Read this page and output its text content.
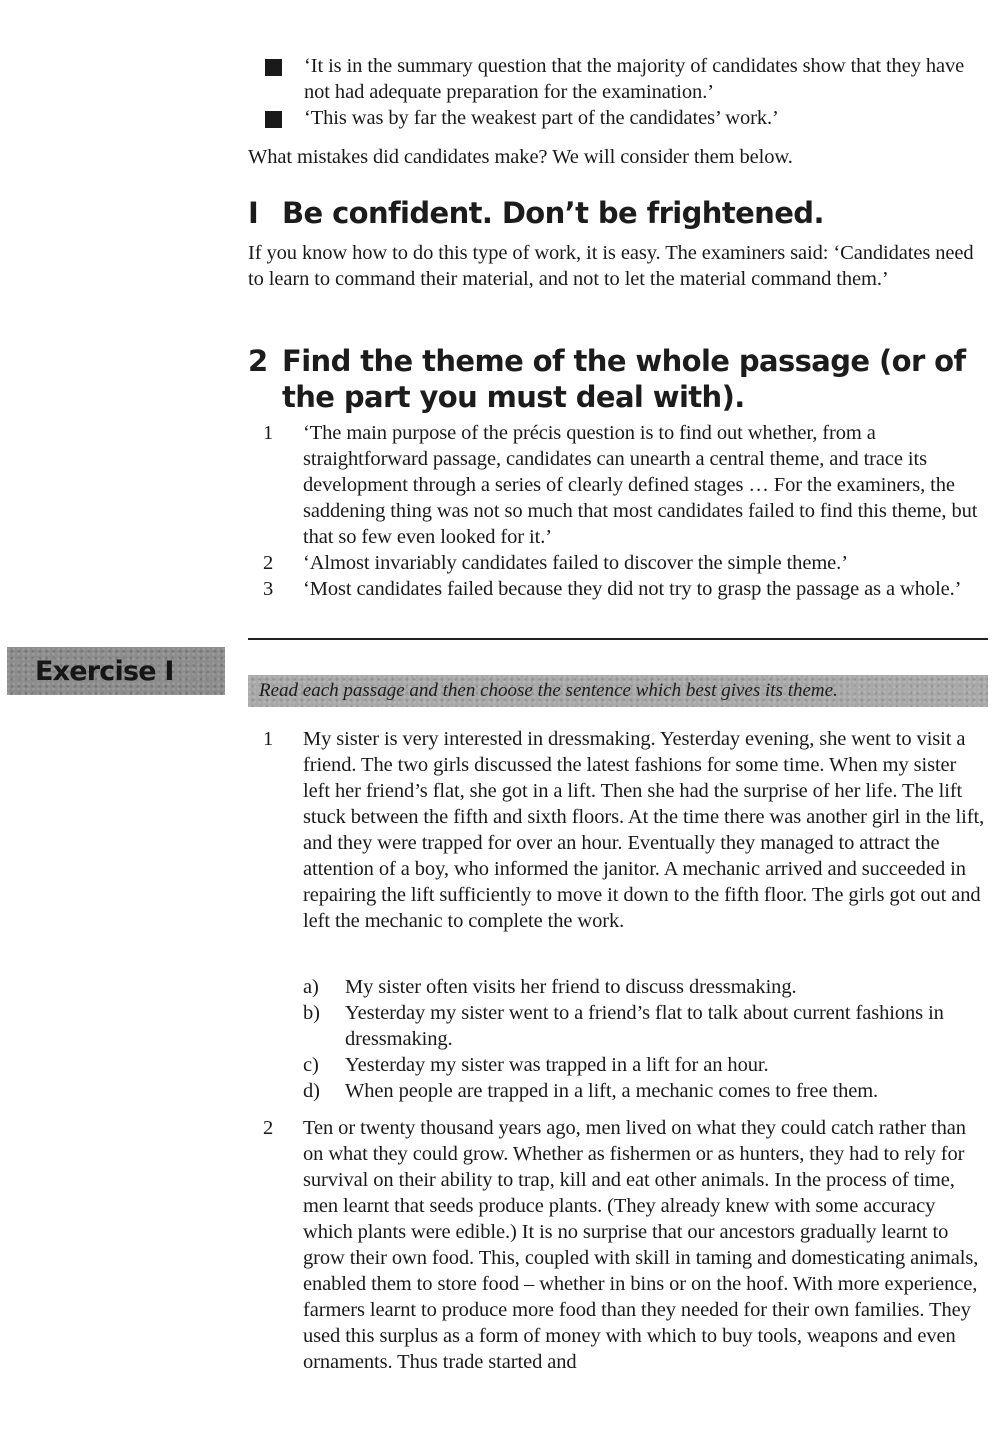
‘It is in the summary question that the majority of candidates show that they have not had adequate preparation for the examination.’
‘This was by far the weakest part of the candidates’ work.’
What mistakes did candidates make? We will consider them below.
I Be confident. Don’t be frightened.
If you know how to do this type of work, it is easy. The examiners said: ‘Candidates need to learn to command their material, and not to let the material command them.’
2 Find the theme of the whole passage (or of
the part you must deal with).
1	‘The main purpose of the précis question is to find out whether, from a straightforward passage, candidates can unearth a central theme, and trace its development through a series of clearly defined stages … For the examiners, the saddening thing was not so much that most candidates failed to find this theme, but that so few even looked for it.’
2	‘Almost invariably candidates failed to discover the simple theme.’
3	‘Most candidates failed because they did not try to grasp the passage as a whole.’
Exercise I
Read each passage and then choose the sentence which best gives its theme.
1	My sister is very interested in dressmaking. Yesterday evening, she went to visit a friend. The two girls discussed the latest fashions for some time. When my sister left her friend’s flat, she got in a lift. Then she had the surprise of her life. The lift stuck between the fifth and sixth floors. At the time there was another girl in the lift, and they were trapped for over an hour. Eventually they managed to attract the attention of a boy, who informed the janitor. A mechanic arrived and succeeded in repairing the lift sufficiently to move it down to the fifth floor. The girls got out and left the mechanic to complete the work.
a)	My sister often visits her friend to discuss dressmaking.
b)	Yesterday my sister went to a friend’s flat to talk about current fashions in dressmaking.
c)	Yesterday my sister was trapped in a lift for an hour.
d)	When people are trapped in a lift, a mechanic comes to free them.
2	Ten or twenty thousand years ago, men lived on what they could catch rather than on what they could grow. Whether as fishermen or as hunters, they had to rely for survival on their ability to trap, kill and eat other animals. In the process of time, men learnt that seeds produce plants. (They already knew with some accuracy which plants were edible.) It is no surprise that our ancestors gradually learnt to grow their own food. This, coupled with skill in taming and domesticating animals, enabled them to store food – whether in bins or on the hoof. With more experience, farmers learnt to produce more food than they needed for their own families. They used this surplus as a form of money with which to buy tools, weapons and even ornaments. Thus trade started and
